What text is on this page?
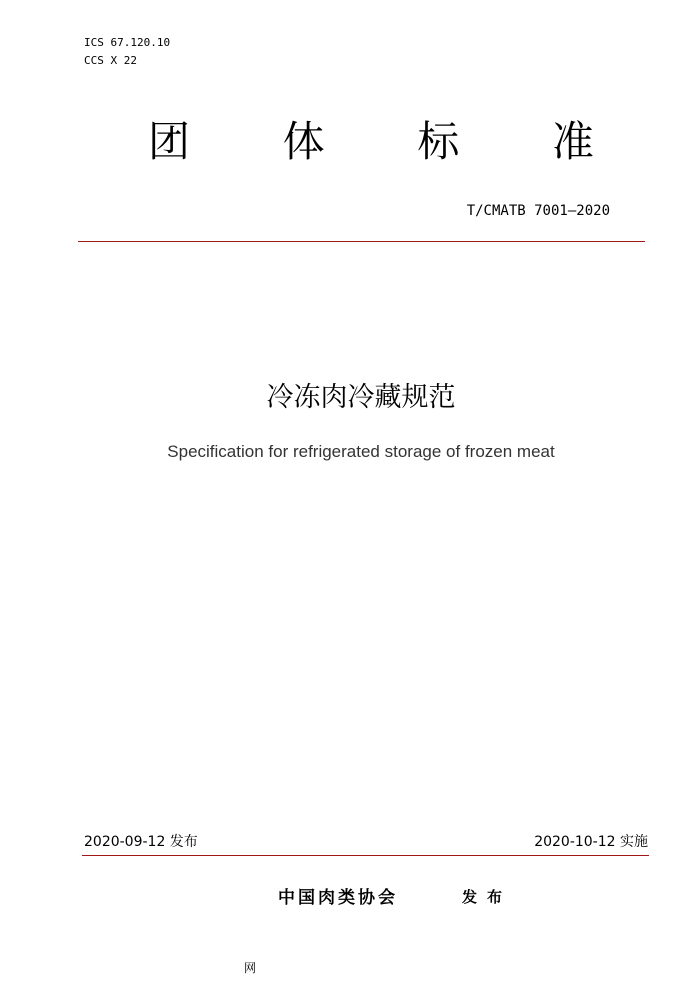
ICS 67.120.10
CCS X 22
团 体 标 准
T/CMATB 7001—2020
冷冻肉冷藏规范
Specification for refrigerated storage of frozen meat
2020-09-12 发布	2020-10-12 实施
中国肉类协会	发布
网
